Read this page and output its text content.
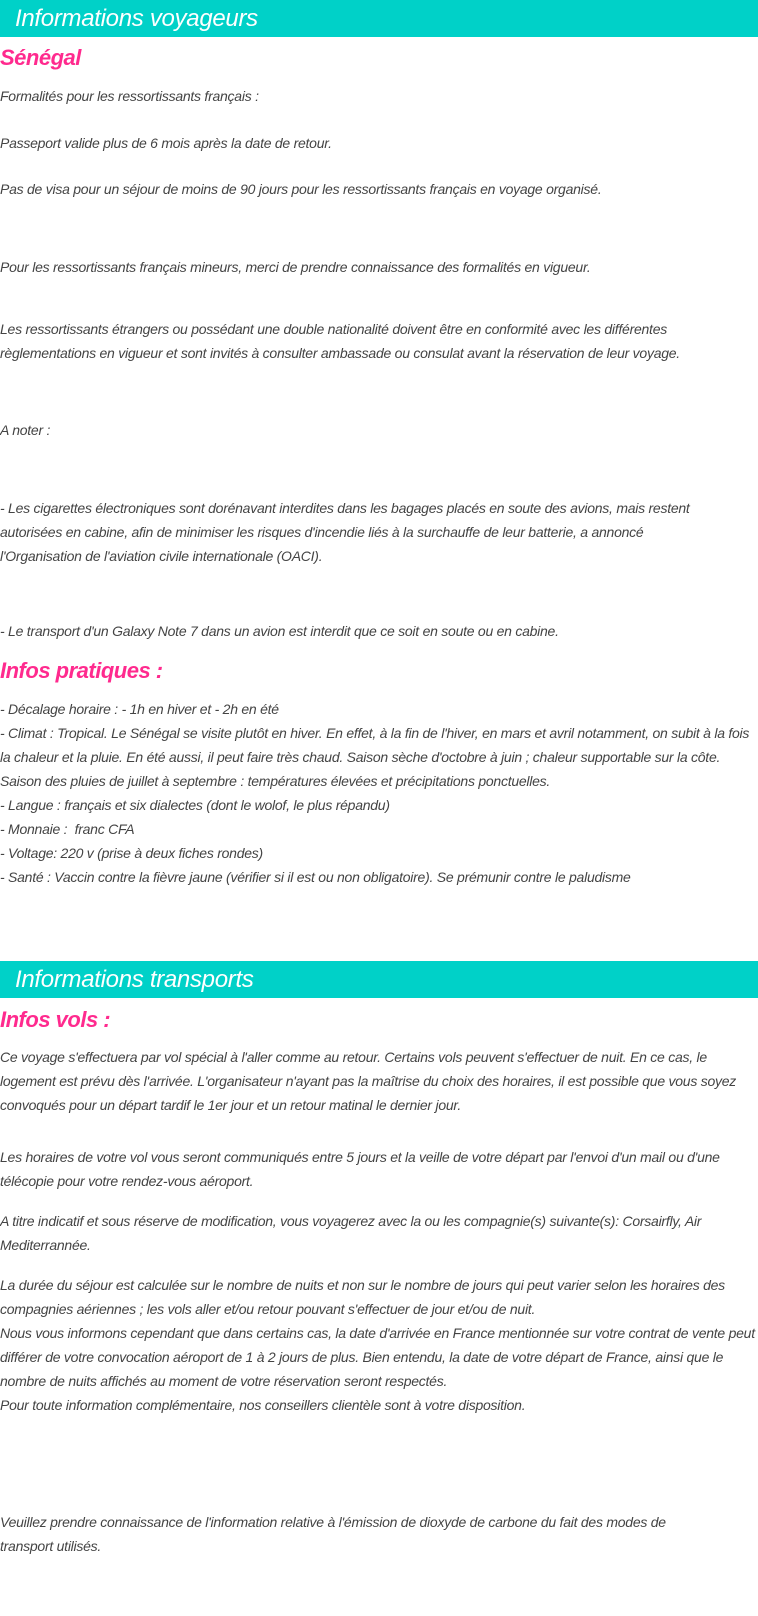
Informations voyageurs
Sénégal

Formalités pour les ressortissants français :

Passeport valide plus de 6 mois après la date de retour.

Pas de visa pour un séjour de moins de 90 jours pour les ressortissants français en voyage organisé.

Pour les ressortissants français mineurs, merci de prendre connaissance des formalités en vigueur.

Les ressortissants étrangers ou possédant une double nationalité doivent être en conformité avec les différentes règlementations en vigueur et sont invités à consulter ambassade ou consulat avant la réservation de leur voyage.

A noter :

- Les cigarettes électroniques sont dorénavant interdites dans les bagages placés en soute des avions, mais restent autorisées en cabine, afin de minimiser les risques d'incendie liés à la surchauffe de leur batterie, a annoncé l'Organisation de l'aviation civile internationale (OACI).

- Le transport d'un Galaxy Note 7 dans un avion est interdit que ce soit en soute ou en cabine.

Infos pratiques :

- Décalage horaire : - 1h en hiver et - 2h en été

- Climat : Tropical. Le Sénégal se visite plutôt en hiver. En effet, à la fin de l'hiver, en mars et avril notamment, on subit à la fois la chaleur et la pluie. En été aussi, il peut faire très chaud. Saison sèche d'octobre à juin ; chaleur supportable sur la côte. Saison des pluies de juillet à septembre : températures élevées et précipitations ponctuelles.

- Langue : français et six dialectes (dont le wolof, le plus répandu)

- Monnaie :  franc CFA

- Voltage: 220 v (prise à deux fiches rondes)

- Santé : Vaccin contre la fièvre jaune (vérifier si il est ou non obligatoire). Se prémunir contre le paludisme

Informations transports
Infos vols :

Ce voyage s'effectuera par vol spécial à l'aller comme au retour. Certains vols peuvent s'effectuer de nuit. En ce cas, le logement est prévu dès l'arrivée. L'organisateur n'ayant pas la maîtrise du choix des horaires, il est possible que vous soyez convoqués pour un départ tardif le 1er jour et un retour matinal le dernier jour.

Les horaires de votre vol vous seront communiqués entre 5 jours et la veille de votre départ par l'envoi d'un mail ou d'une télécopie pour votre rendez-vous aéroport.

A titre indicatif et sous réserve de modification, vous voyagerez avec la ou les compagnie(s) suivante(s): Corsairfly, Air Mediterrannée.

La durée du séjour est calculée sur le nombre de nuits et non sur le nombre de jours qui peut varier selon les horaires des compagnies aériennes ; les vols aller et/ou retour pouvant s'effectuer de jour et/ou de nuit.

Nous vous informons cependant que dans certains cas, la date d'arrivée en France mentionnée sur votre contrat de vente peut différer de votre convocation aéroport de 1 à 2 jours de plus. Bien entendu, la date de votre départ de France, ainsi que le nombre de nuits affichés au moment de votre réservation seront respectés.

Pour toute information complémentaire, nos conseillers clientèle sont à votre disposition.

Veuillez prendre connaissance de l'information relative à l'émission de dioxyde de carbone du fait des modes de transport utilisés.
